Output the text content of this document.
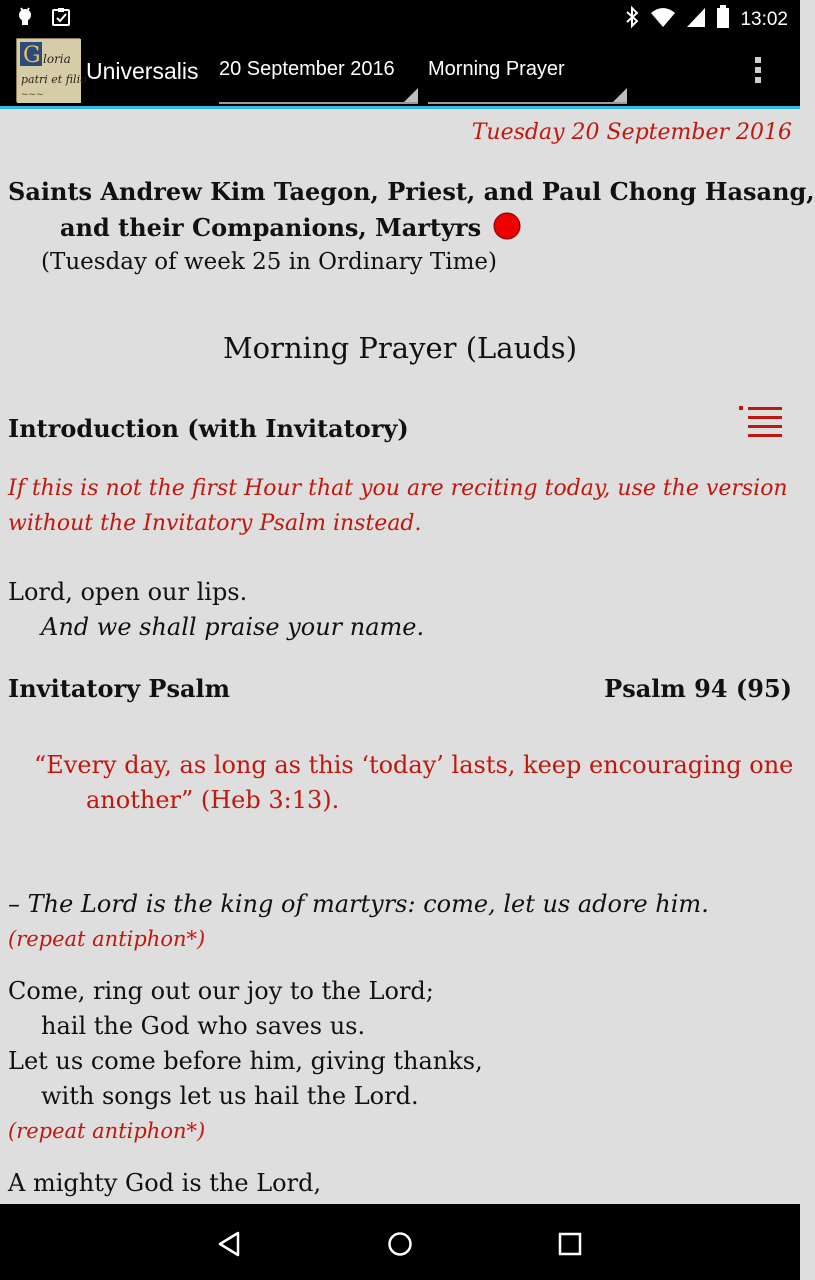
13:02
G loria
patri et filio
~~~
Universalis 20 September 2016 Morning Prayer
Tuesday 20 September 2016
Saints Andrew Kim Taegon, Priest, and Paul Chong Hasang,
and their Companions, Martyrs
(Tuesday of week 25 in Ordinary Time)
Morning Prayer (Lauds)
Introduction (with Invitatory)
If this is not the first Hour that you are reciting today, use the version
without the Invitatory Psalm instead.
Lord, open our lips.
And we shall praise your name.
Invitatory Psalm	Psalm 94 (95)
“Every day, as long as this ‘today’ lasts, keep encouraging one
another” (Heb 3:13).
– The Lord is the king of martyrs: come, let us adore him.
(repeat antiphon*)
Come, ring out our joy to the Lord;
hail the God who saves us.
Let us come before him, giving thanks,
with songs let us hail the Lord.
(repeat antiphon*)
A mighty God is the Lord,
